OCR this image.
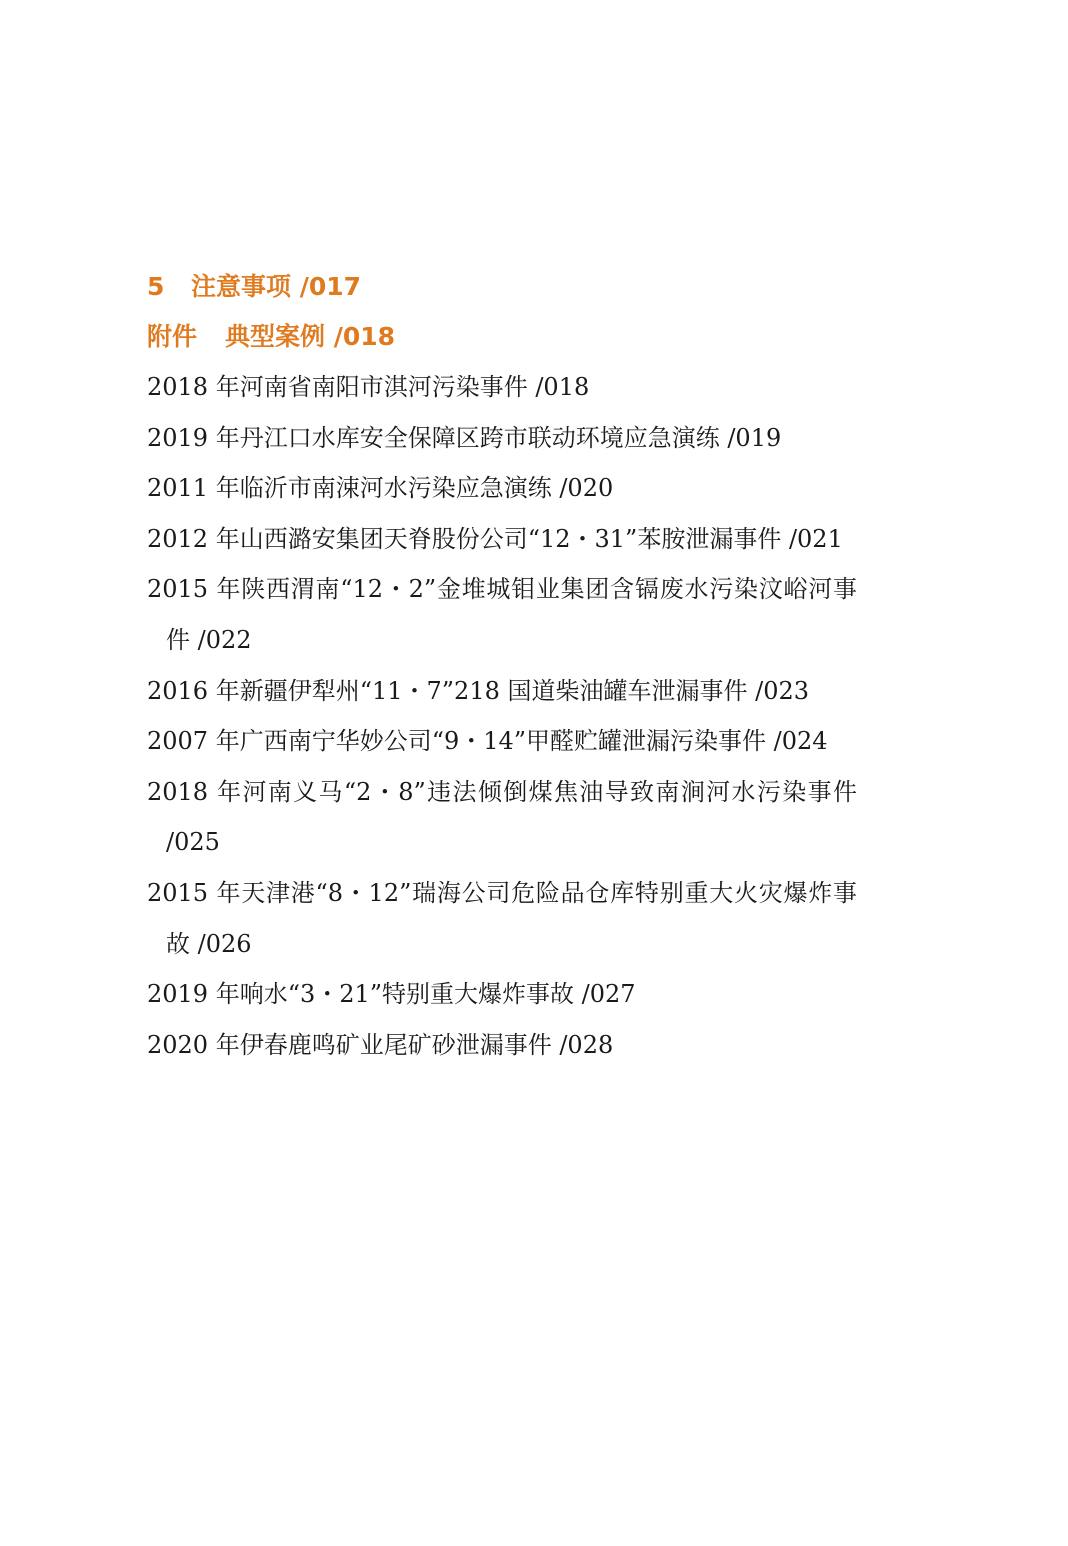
5 注意事项 /017
附件 典型案例 /018

2018 年河南省南阳市淇河污染事件 /018

2019 年丹江口水库安全保障区跨市联动环境应急演练 /019

2011 年临沂市南涑河水污染应急演练 /020

2012 年山西潞安集团天脊股份公司“12・31”苯胺泄漏事件 /021

2015 年陕西渭南“12・2”金堆城钼业集团含镉废水污染汶峪河事件 /022

2016 年新疆伊犁州“11・7”218 国道柴油罐车泄漏事件 /023

2007 年广西南宁华妙公司“9・14”甲醛贮罐泄漏污染事件 /024

2018 年河南义马“2・8”违法倾倒煤焦油导致南涧河水污染事件 /025

2015 年天津港“8・12”瑞海公司危险品仓库特别重大火灾爆炸事故 /026

2019 年响水“3・21”特别重大爆炸事故 /027

2020 年伊春鹿鸣矿业尾矿砂泄漏事件 /028
